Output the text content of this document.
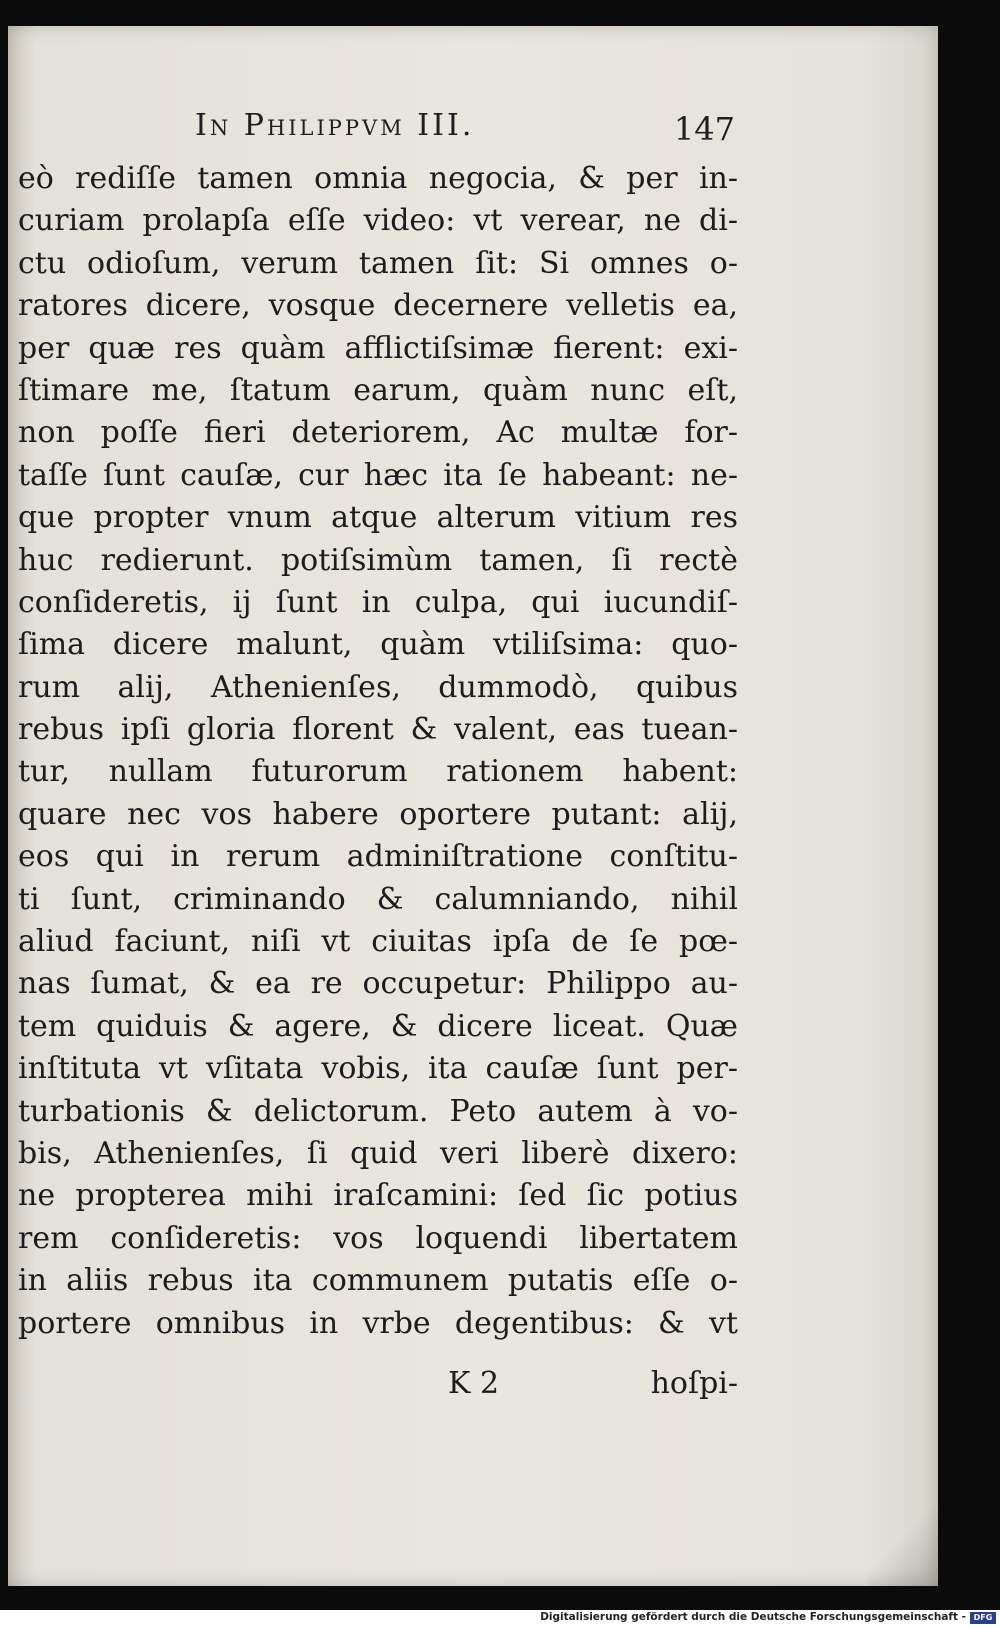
In Philippvm III.	147
eò rediſſe tamen omnia negocia, & per in-
curiam prolapſa eſſe video: vt verear, ne di-
ctu odioſum, verum tamen ſit: Si omnes o-
ratores dicere, vosque decernere velletis ea,
per quæ res quàm afflictiſsimæ fierent: exi-
ſtimare me, ſtatum earum, quàm nunc eſt,
non poſſe fieri deteriorem, Ac multæ for-
taſſe ſunt cauſæ, cur hæc ita ſe habeant: ne-
que propter vnum atque alterum vitium res
huc redierunt. potiſsimùm tamen, ſi rectè
conſideretis, ij ſunt in culpa, qui iucundiſ-
ſima dicere malunt, quàm vtiliſsima: quo-
rum alij, Athenienſes, dummodò, quibus
rebus ipſi gloria florent & valent, eas tuean-
tur, nullam futurorum rationem habent:
quare nec vos habere oportere putant: alij,
eos qui in rerum adminiſtratione conſtitu-
ti ſunt, criminando & calumniando, nihil
aliud faciunt, niſi vt ciuitas ipſa de ſe pœ-
nas ſumat, & ea re occupetur: Philippo au-
tem quiduis & agere, & dicere liceat. Quæ
inſtituta vt vſitata vobis, ita cauſæ ſunt per-
turbationis & delictorum. Peto autem à vo-
bis, Athenienſes, ſi quid veri liberè dixero:
ne propterea mihi iraſcamini: ſed ſic potius
rem conſideretis: vos loquendi libertatem
in aliis rebus ita communem putatis eſſe o-
portere omnibus in vrbe degentibus: & vt
K 2	hoſpi-
Digitalisierung gefördert durch die Deutsche Forschungsgemeinschaft - DFG
